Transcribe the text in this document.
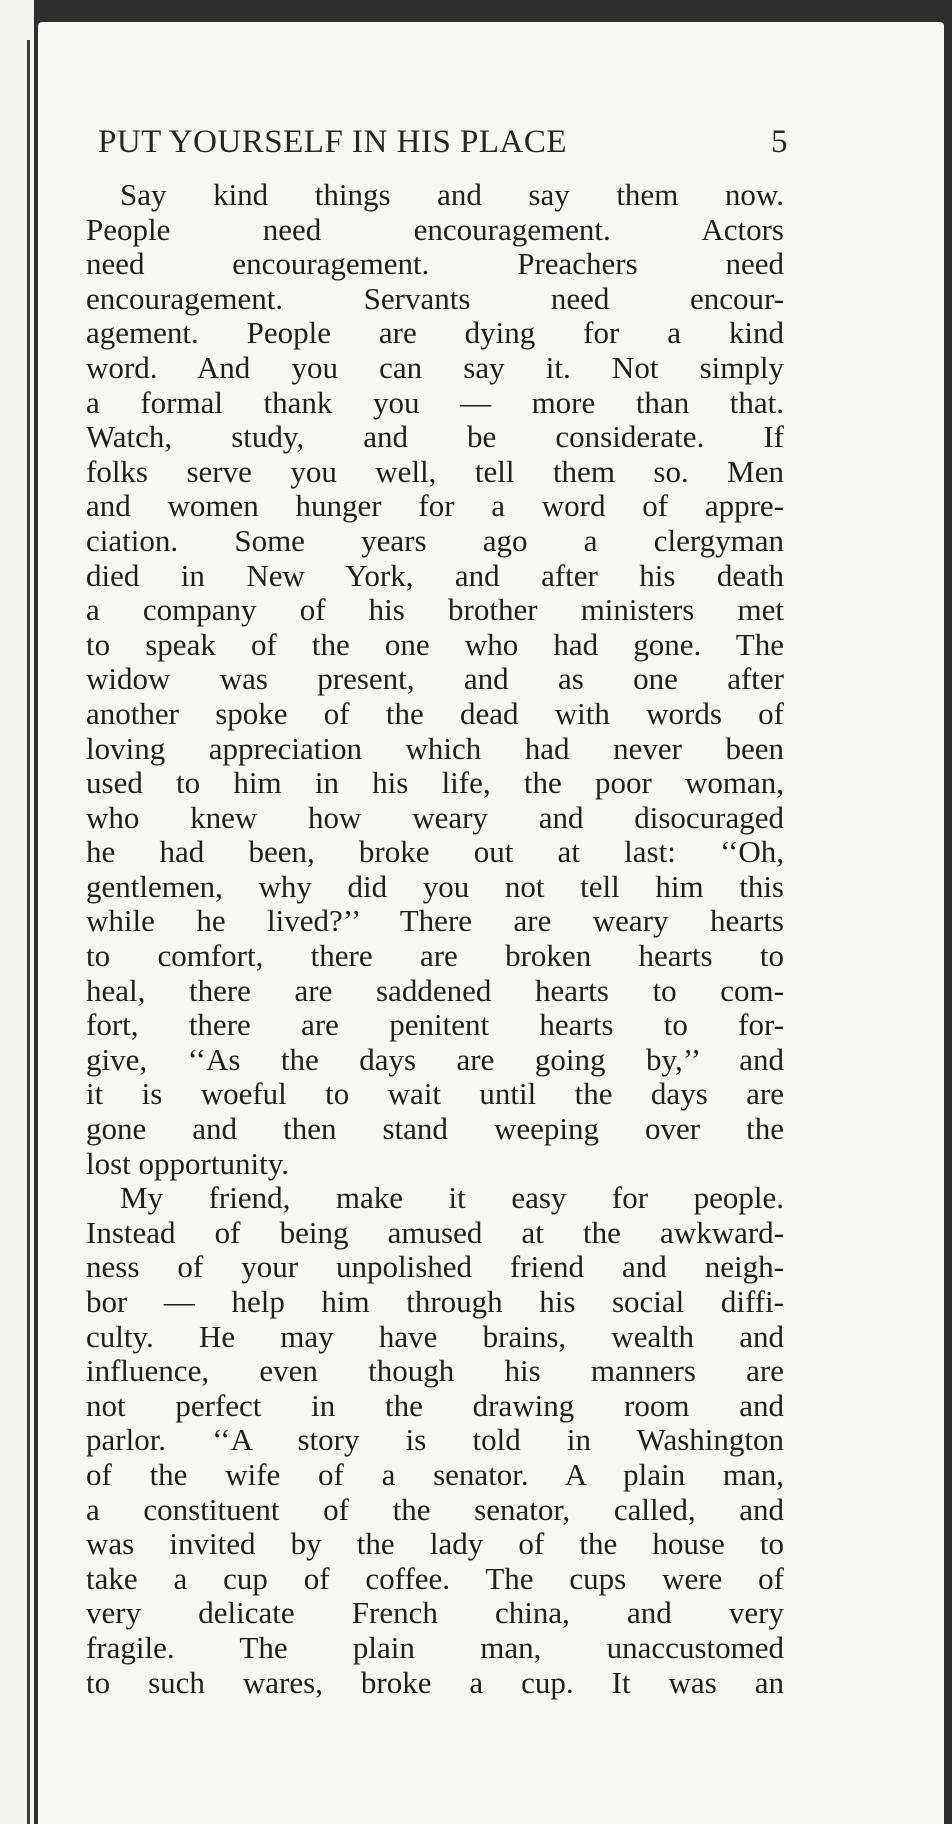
PUT YOURSELF IN HIS PLACE	5

Say kind things and say them now.
People need encouragement. Actors
need encouragement. Preachers need
encouragement. Servants need encour-
agement. People are dying for a kind
word. And you can say it. Not simply
a formal thank you — more than that.
Watch, study, and be considerate. If
folks serve you well, tell them so. Men
and women hunger for a word of appre-
ciation. Some years ago a clergyman
died in New York, and after his death
a company of his brother ministers met
to speak of the one who had gone. The
widow was present, and as one after
another spoke of the dead with words of
loving appreciation which had never been
used to him in his life, the poor woman,
who knew how weary and disocuraged
he had been, broke out at last: ‘‘Oh,
gentlemen, why did you not tell him this
while he lived?’’ There are weary hearts
to comfort, there are broken hearts to
heal, there are saddened hearts to com-
fort, there are penitent hearts to for-
give, ‘‘As the days are going by,’’ and
it is woeful to wait until the days are
gone and then stand weeping over the
lost opportunity.

My friend, make it easy for people.
Instead of being amused at the awkward-
ness of your unpolished friend and neigh-
bor — help him through his social diffi-
culty. He may have brains, wealth and
influence, even though his manners are
not perfect in the drawing room and
parlor. ‘‘A story is told in Washington
of the wife of a senator. A plain man,
a constituent of the senator, called, and
was invited by the lady of the house to
take a cup of coffee. The cups were of
very delicate French china, and very
fragile. The plain man, unaccustomed
to such wares, broke a cup. It was an
